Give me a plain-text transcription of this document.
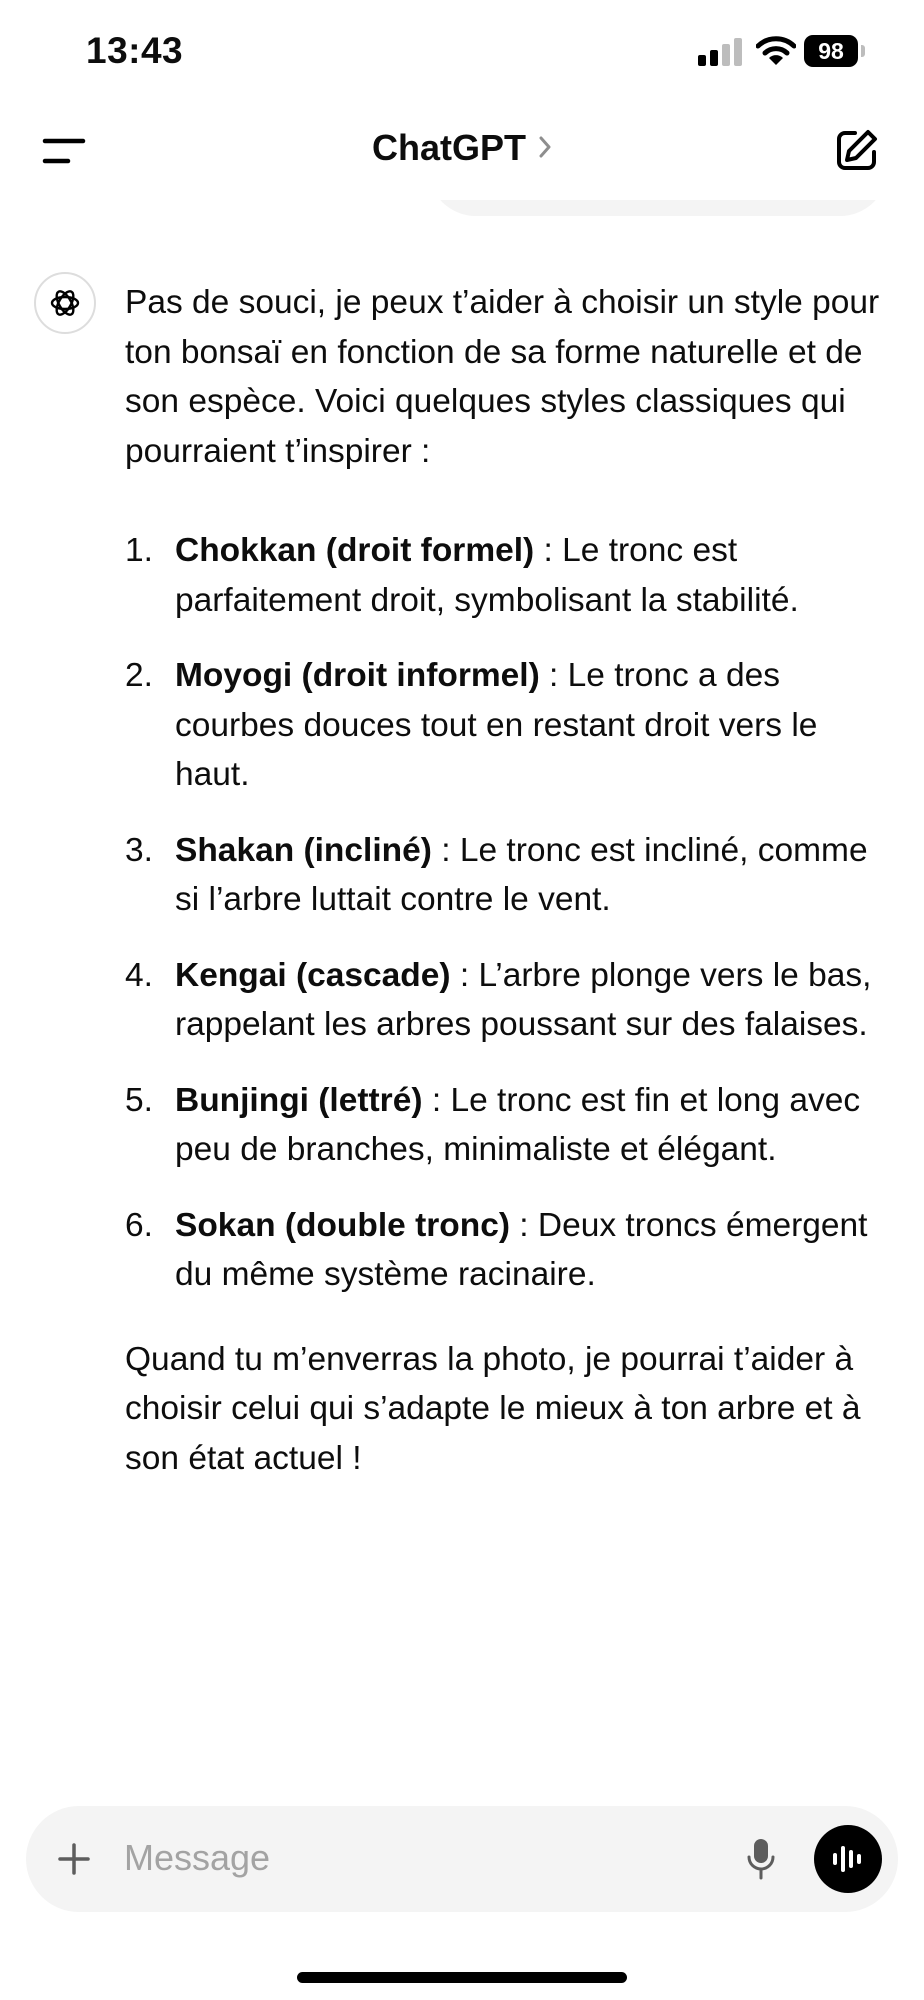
13:43	98
ChatGPT

Pas de souci, je peux t’aider à choisir un style pour ton bonsaï en fonction de sa forme naturelle et de son espèce. Voici quelques styles classiques qui pourraient t’inspirer :

1. Chokkan (droit formel) : Le tronc est parfaitement droit, symbolisant la stabilité.
2. Moyogi (droit informel) : Le tronc a des courbes douces tout en restant droit vers le haut.
3. Shakan (incliné) : Le tronc est incliné, comme si l’arbre luttait contre le vent.
4. Kengai (cascade) : L’arbre plonge vers le bas, rappelant les arbres poussant sur des falaises.
5. Bunjingi (lettré) : Le tronc est fin et long avec peu de branches, minimaliste et élégant.
6. Sokan (double tronc) : Deux troncs émergent du même système racinaire.

Quand tu m’enverras la photo, je pourrai t’aider à choisir celui qui s’adapte le mieux à ton arbre et à son état actuel !

Message
